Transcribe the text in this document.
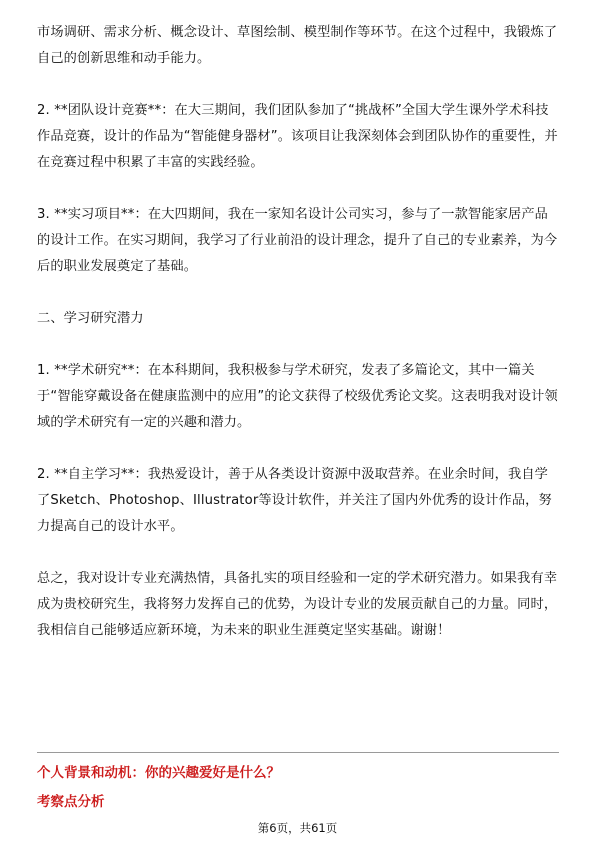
市场调研、需求分析、概念设计、草图绘制、模型制作等环节。在这个过程中，我锻炼了自己的创新思维和动手能力。

2. **团队设计竞赛**：在大三期间，我们团队参加了“挑战杯”全国大学生课外学术科技作品竞赛，设计的作品为“智能健身器材”。该项目让我深刻体会到团队协作的重要性，并在竞赛过程中积累了丰富的实践经验。

3. **实习项目**：在大四期间，我在一家知名设计公司实习，参与了一款智能家居产品的设计工作。在实习期间，我学习了行业前沿的设计理念，提升了自己的专业素养，为今后的职业发展奠定了基础。

二、学习研究潜力

1. **学术研究**：在本科期间，我积极参与学术研究，发表了多篇论文，其中一篇关于“智能穿戴设备在健康监测中的应用”的论文获得了校级优秀论文奖。这表明我对设计领域的学术研究有一定的兴趣和潜力。

2. **自主学习**：我热爱设计，善于从各类设计资源中汲取营养。在业余时间，我自学了Sketch、Photoshop、Illustrator等设计软件，并关注了国内外优秀的设计作品，努力提高自己的设计水平。

总之，我对设计专业充满热情，具备扎实的项目经验和一定的学术研究潜力。如果我有幸成为贵校研究生，我将努力发挥自己的优势，为设计专业的发展贡献自己的力量。同时，我相信自己能够适应新环境，为未来的职业生涯奠定坚实基础。谢谢！

个人背景和动机：你的兴趣爱好是什么？
考察点分析
第6页，共61页
